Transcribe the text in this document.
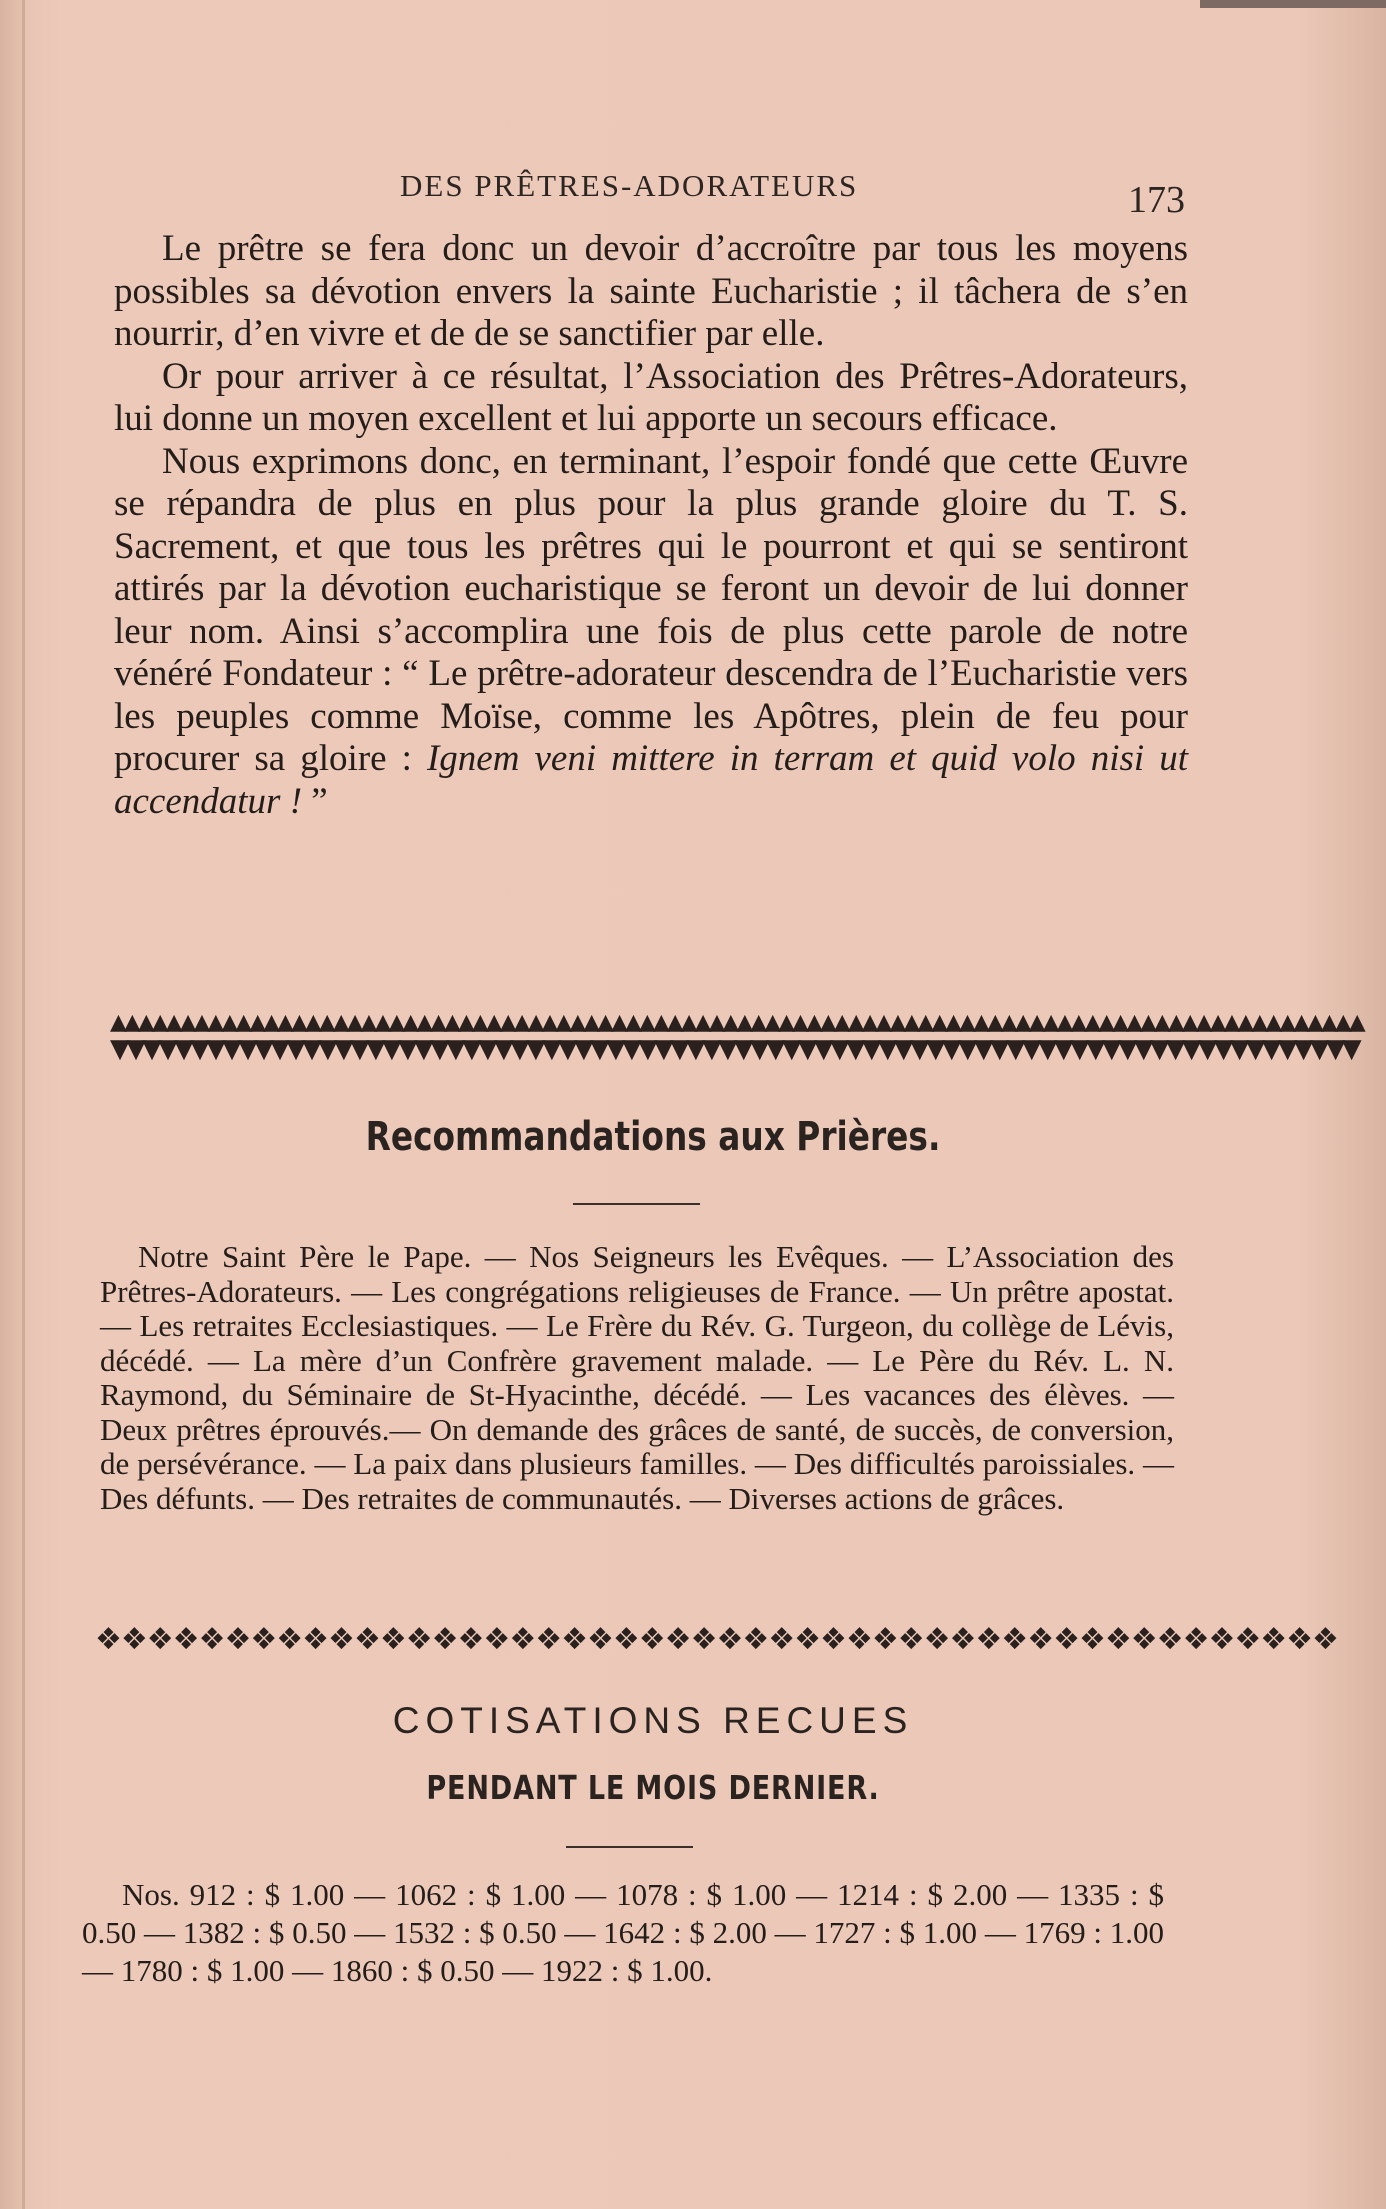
DES PRÊTRES-ADORATEURS	173

Le prêtre se fera donc un devoir d’accroître par tous les moyens possibles sa dévotion envers la sainte Eucharistie ; il tâchera de s’en nourrir, d’en vivre et de de se sanctifier par elle.

Or pour arriver à ce résultat, l’Association des Prêtres-Adorateurs, lui donne un moyen excellent et lui apporte un secours efficace.

Nous exprimons donc, en terminant, l’espoir fondé que cette Œuvre se répandra de plus en plus pour la plus grande gloire du T. S. Sacrement, et que tous les prêtres qui le pourront et qui se sentiront attirés par la dévotion eucharistique se feront un devoir de lui donner leur nom. Ainsi s’accomplira une fois de plus cette parole de notre vénéré Fondateur : “ Le prêtre-adorateur descendra de l’Eucharistie vers les peuples comme Moïse, comme les Apôtres, plein de feu pour procurer sa gloire : Ignem veni mittere in terram et quid volo nisi ut accendatur ! ”

▲▲▲▲▲▲▲▲▲▲▲▲▲▲▲▲▲▲▲▲▲▲▲▲▲▲▲▲▲▲▲▲▲▲▲▲▲▲▲▲▲▲▲▲▲▲▲▲▲▲▲▲▲▲▲▲▲▲▲▲▲▲▲▲▲▲▲▲▲▲▲▲▲▲▲▲▲▲▲▲▲▲▲▲▲▲▲▲▲▲
▼▼▼▼▼▼▼▼▼▼▼▼▼▼▼▼▼▼▼▼▼▼▼▼▼▼▼▼▼▼▼▼▼▼▼▼▼▼▼▼▼▼▼▼▼▼▼▼▼▼▼▼▼▼▼▼▼▼▼▼▼▼▼▼▼▼▼▼▼▼▼▼▼▼▼▼▼▼
Recommandations aux Prières.
Notre Saint Père le Pape. — Nos Seigneurs les Evêques. — L’Association des Prêtres-Adorateurs. — Les congrégations religieuses de France. — Un prêtre apostat. — Les retraites Ecclesiastiques. — Le Frère du Rév. G. Turgeon, du collège de Lévis, décédé. — La mère d’un Confrère gravement malade. — Le Père du Rév. L. N. Raymond, du Séminaire de St-Hyacinthe, décédé. — Les vacances des élèves. — Deux prêtres éprouvés.— On demande des grâces de santé, de succès, de conversion, de persévérance. — La paix dans plusieurs familles. — Des difficultés paroissiales. — Des défunts. — Des retraites de communautés. — Diverses actions de grâces.
❖❖❖❖❖❖❖❖❖❖❖❖❖❖❖❖❖❖❖❖❖❖❖❖❖❖❖❖❖❖❖❖❖❖❖❖❖❖❖❖❖❖❖❖❖❖❖❖
COTISATIONS RECUES
PENDANT LE MOIS DERNIER.
Nos. 912 : $ 1.00 — 1062 : $ 1.00 — 1078 : $ 1.00 — 1214 : $ 2.00 — 1335 : $ 0.50 — 1382 : $ 0.50 — 1532 : $ 0.50 — 1642 : $ 2.00 — 1727 : $ 1.00 — 1769 : 1.00 — 1780 : $ 1.00 — 1860 : $ 0.50 — 1922 : $ 1.00.
